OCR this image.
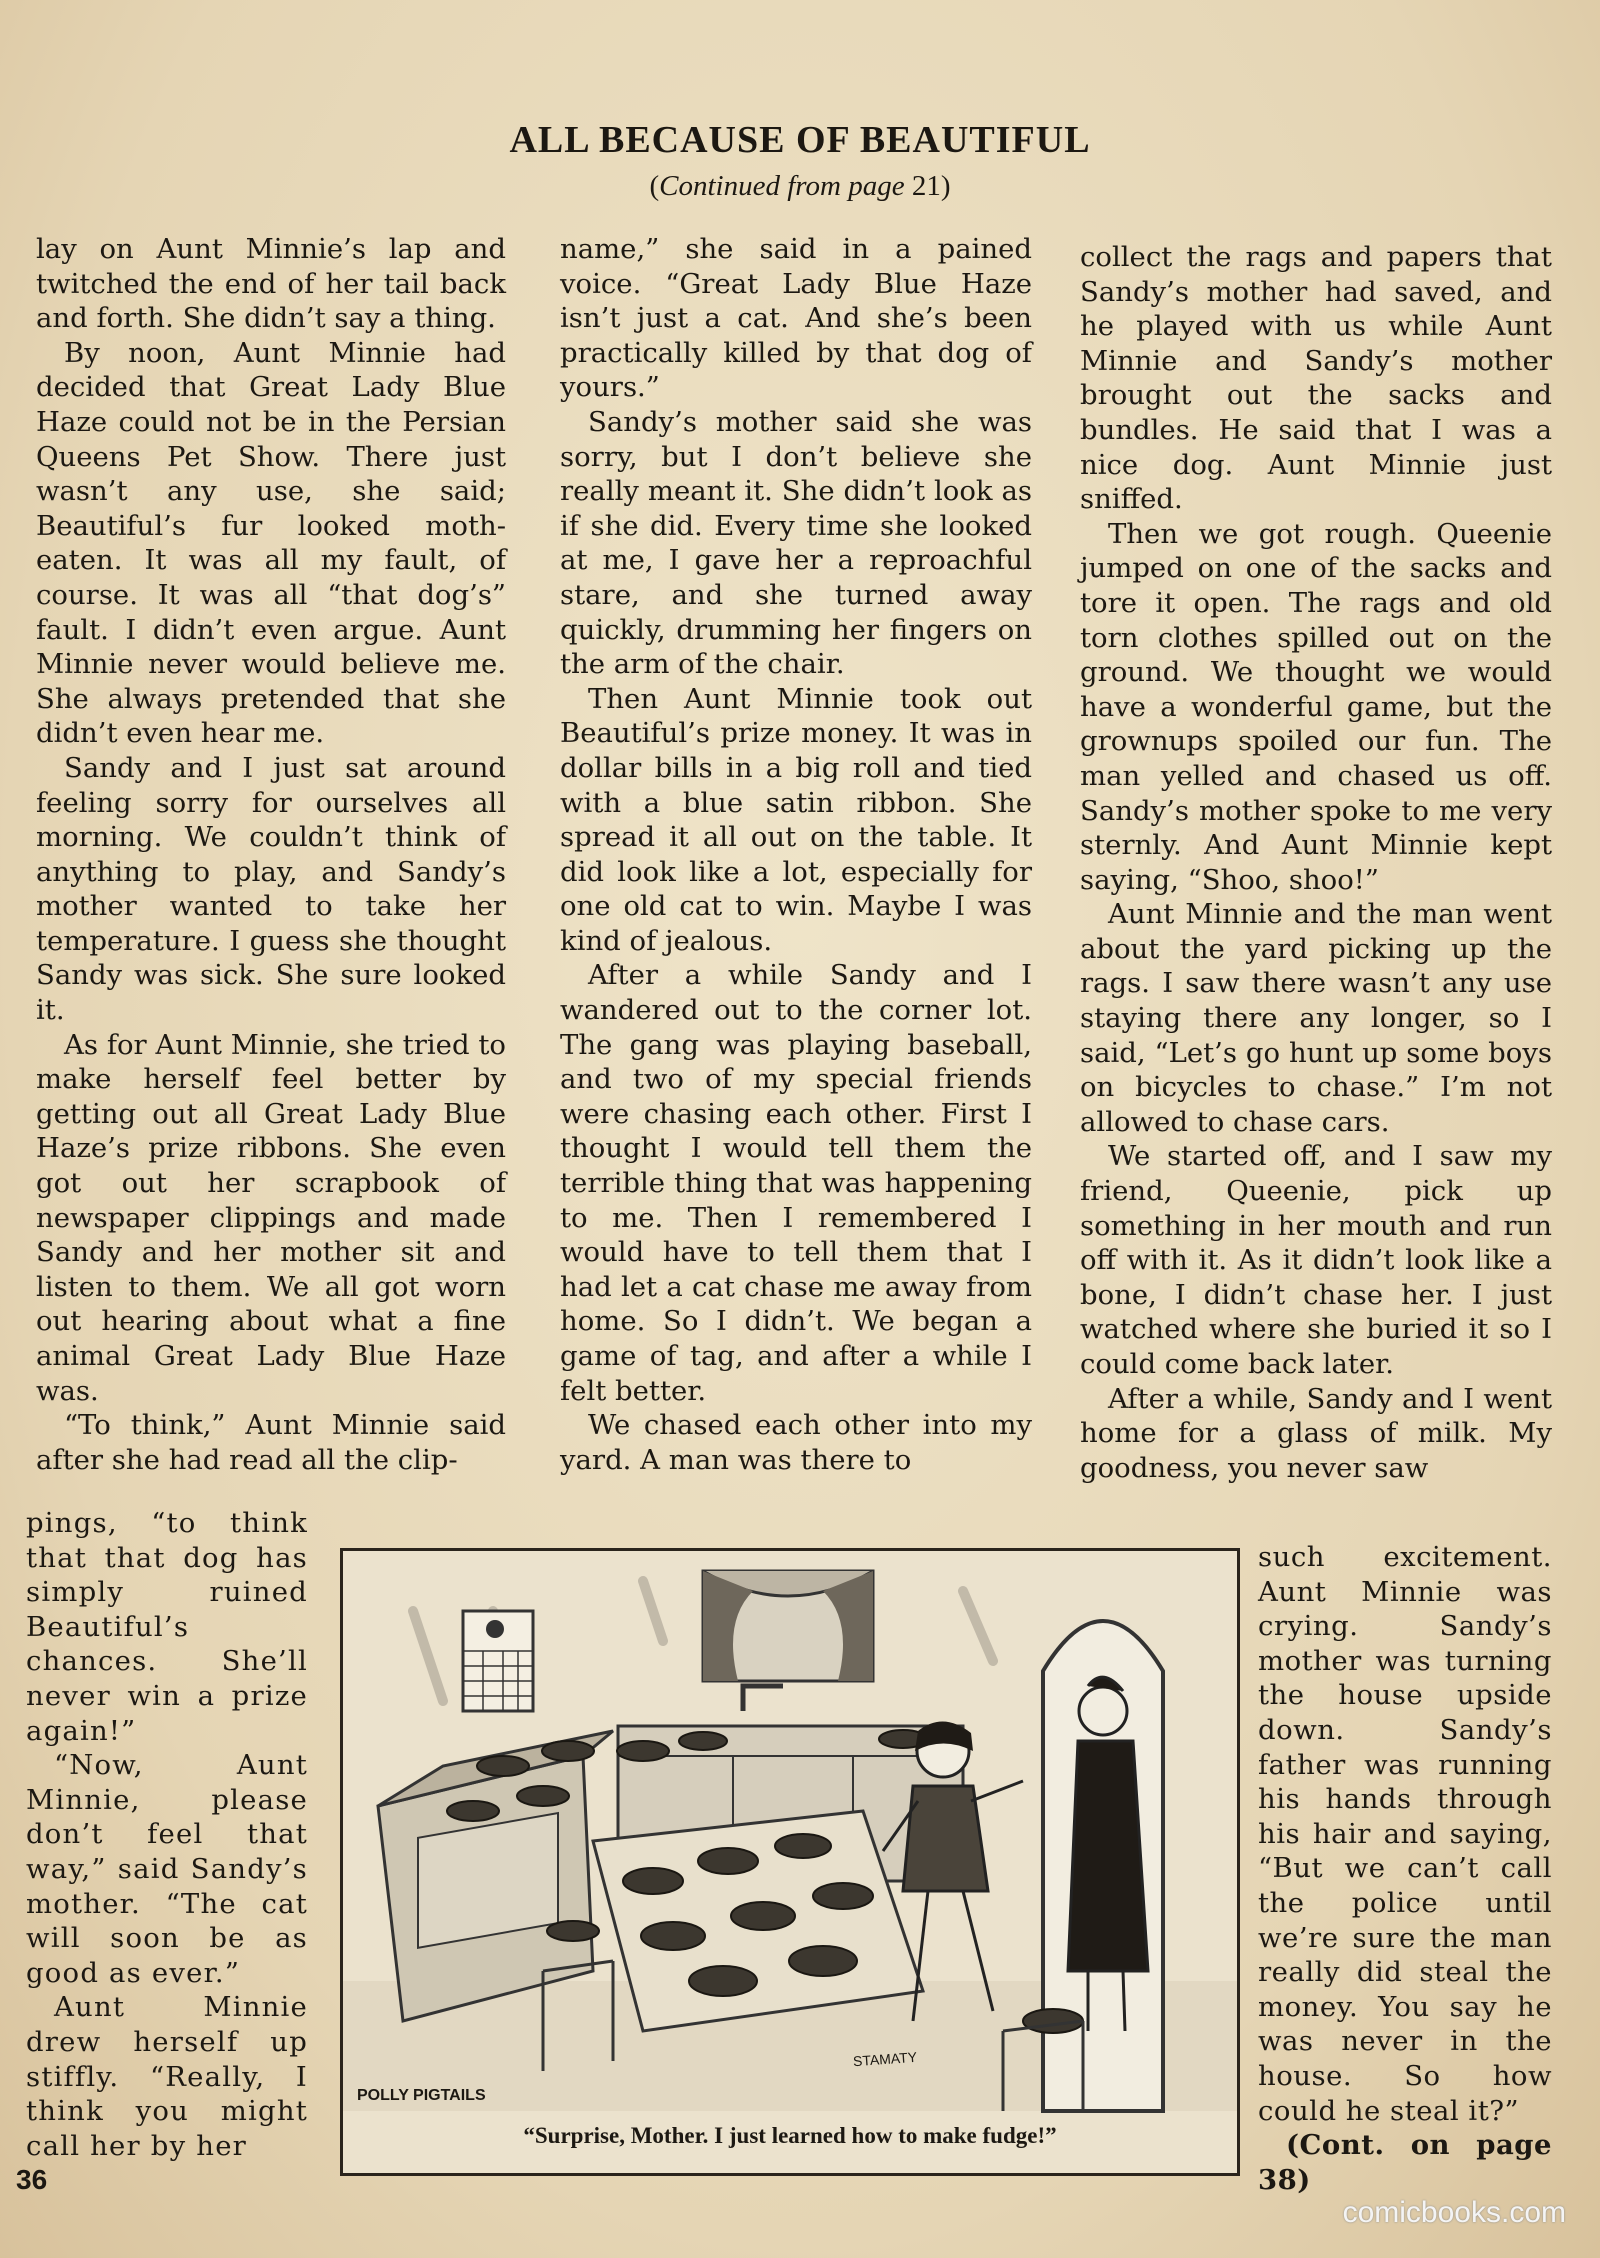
ALL BECAUSE OF BEAUTIFUL
(Continued from page 21)

lay on Aunt Minnie’s lap and twitched the end of her tail back and forth. She didn’t say a thing.

By noon, Aunt Minnie had decided that Great Lady Blue Haze could not be in the Persian Queens Pet Show. There just wasn’t any use, she said; Beautiful’s fur looked moth-eaten. It was all my fault, of course. It was all “that dog’s” fault. I didn’t even argue. Aunt Minnie never would believe me. She always pretended that she didn’t even hear me.

Sandy and I just sat around feeling sorry for ourselves all morning. We couldn’t think of anything to play, and Sandy’s mother wanted to take her temperature. I guess she thought Sandy was sick. She sure looked it.

As for Aunt Minnie, she tried to make herself feel better by getting out all Great Lady Blue Haze’s prize ribbons. She even got out her scrapbook of newspaper clippings and made Sandy and her mother sit and listen to them. We all got worn out hearing about what a fine animal Great Lady Blue Haze was.

“To think,” Aunt Minnie said after she had read all the clip-

pings, “to think that that dog has simply ruined Beautiful’s chances. She’ll never win a prize again!”

“Now, Aunt Minnie, please don’t feel that way,” said Sandy’s mother. “The cat will soon be as good as ever.”

Aunt Minnie drew herself up stiffly. “Really, I think you might call her by her

name,” she said in a pained voice. “Great Lady Blue Haze isn’t just a cat. And she’s been practically killed by that dog of yours.”

Sandy’s mother said she was sorry, but I don’t believe she really meant it. She didn’t look as if she did. Every time she looked at me, I gave her a reproachful stare, and she turned away quickly, drumming her fingers on the arm of the chair.

Then Aunt Minnie took out Beautiful’s prize money. It was in dollar bills in a big roll and tied with a blue satin ribbon. She spread it all out on the table. It did look like a lot, especially for one old cat to win. Maybe I was kind of jealous.

After a while Sandy and I wandered out to the corner lot. The gang was playing baseball, and two of my special friends were chasing each other. First I thought I would tell them the terrible thing that was happening to me. Then I remembered I would have to tell them that I had let a cat chase me away from home. So I didn’t. We began a game of tag, and after a while I felt better.

We chased each other into my yard. A man was there to

collect the rags and papers that Sandy’s mother had saved, and he played with us while Aunt Minnie and Sandy’s mother brought out the sacks and bundles. He said that I was a nice dog. Aunt Minnie just sniffed.

Then we got rough. Queenie jumped on one of the sacks and tore it open. The rags and old torn clothes spilled out on the ground. We thought we would have a wonderful game, but the grownups spoiled our fun. The man yelled and chased us off. Sandy’s mother spoke to me very sternly. And Aunt Minnie kept saying, “Shoo, shoo!”

Aunt Minnie and the man went about the yard picking up the rags. I saw there wasn’t any use staying there any longer, so I said, “Let’s go hunt up some boys on bicycles to chase.” I’m not allowed to chase cars.

We started off, and I saw my friend, Queenie, pick up something in her mouth and run off with it. As it didn’t look like a bone, I didn’t chase her. I just watched where she buried it so I could come back later.

After a while, Sandy and I went home for a glass of milk. My goodness, you never saw

such excitement. Aunt Minnie was crying. Sandy’s mother was turning the house upside down. Sandy’s father was running his hands through his hair and saying, “But we can’t call the police until we’re sure the man really did steal the money. You say he was never in the house. So how could he steal it?”

(Cont. on page 38)

POLLY PIGTAILS
STAMATY
“Surprise, Mother. I just learned how to make fudge!”
36
comicbooks.com
